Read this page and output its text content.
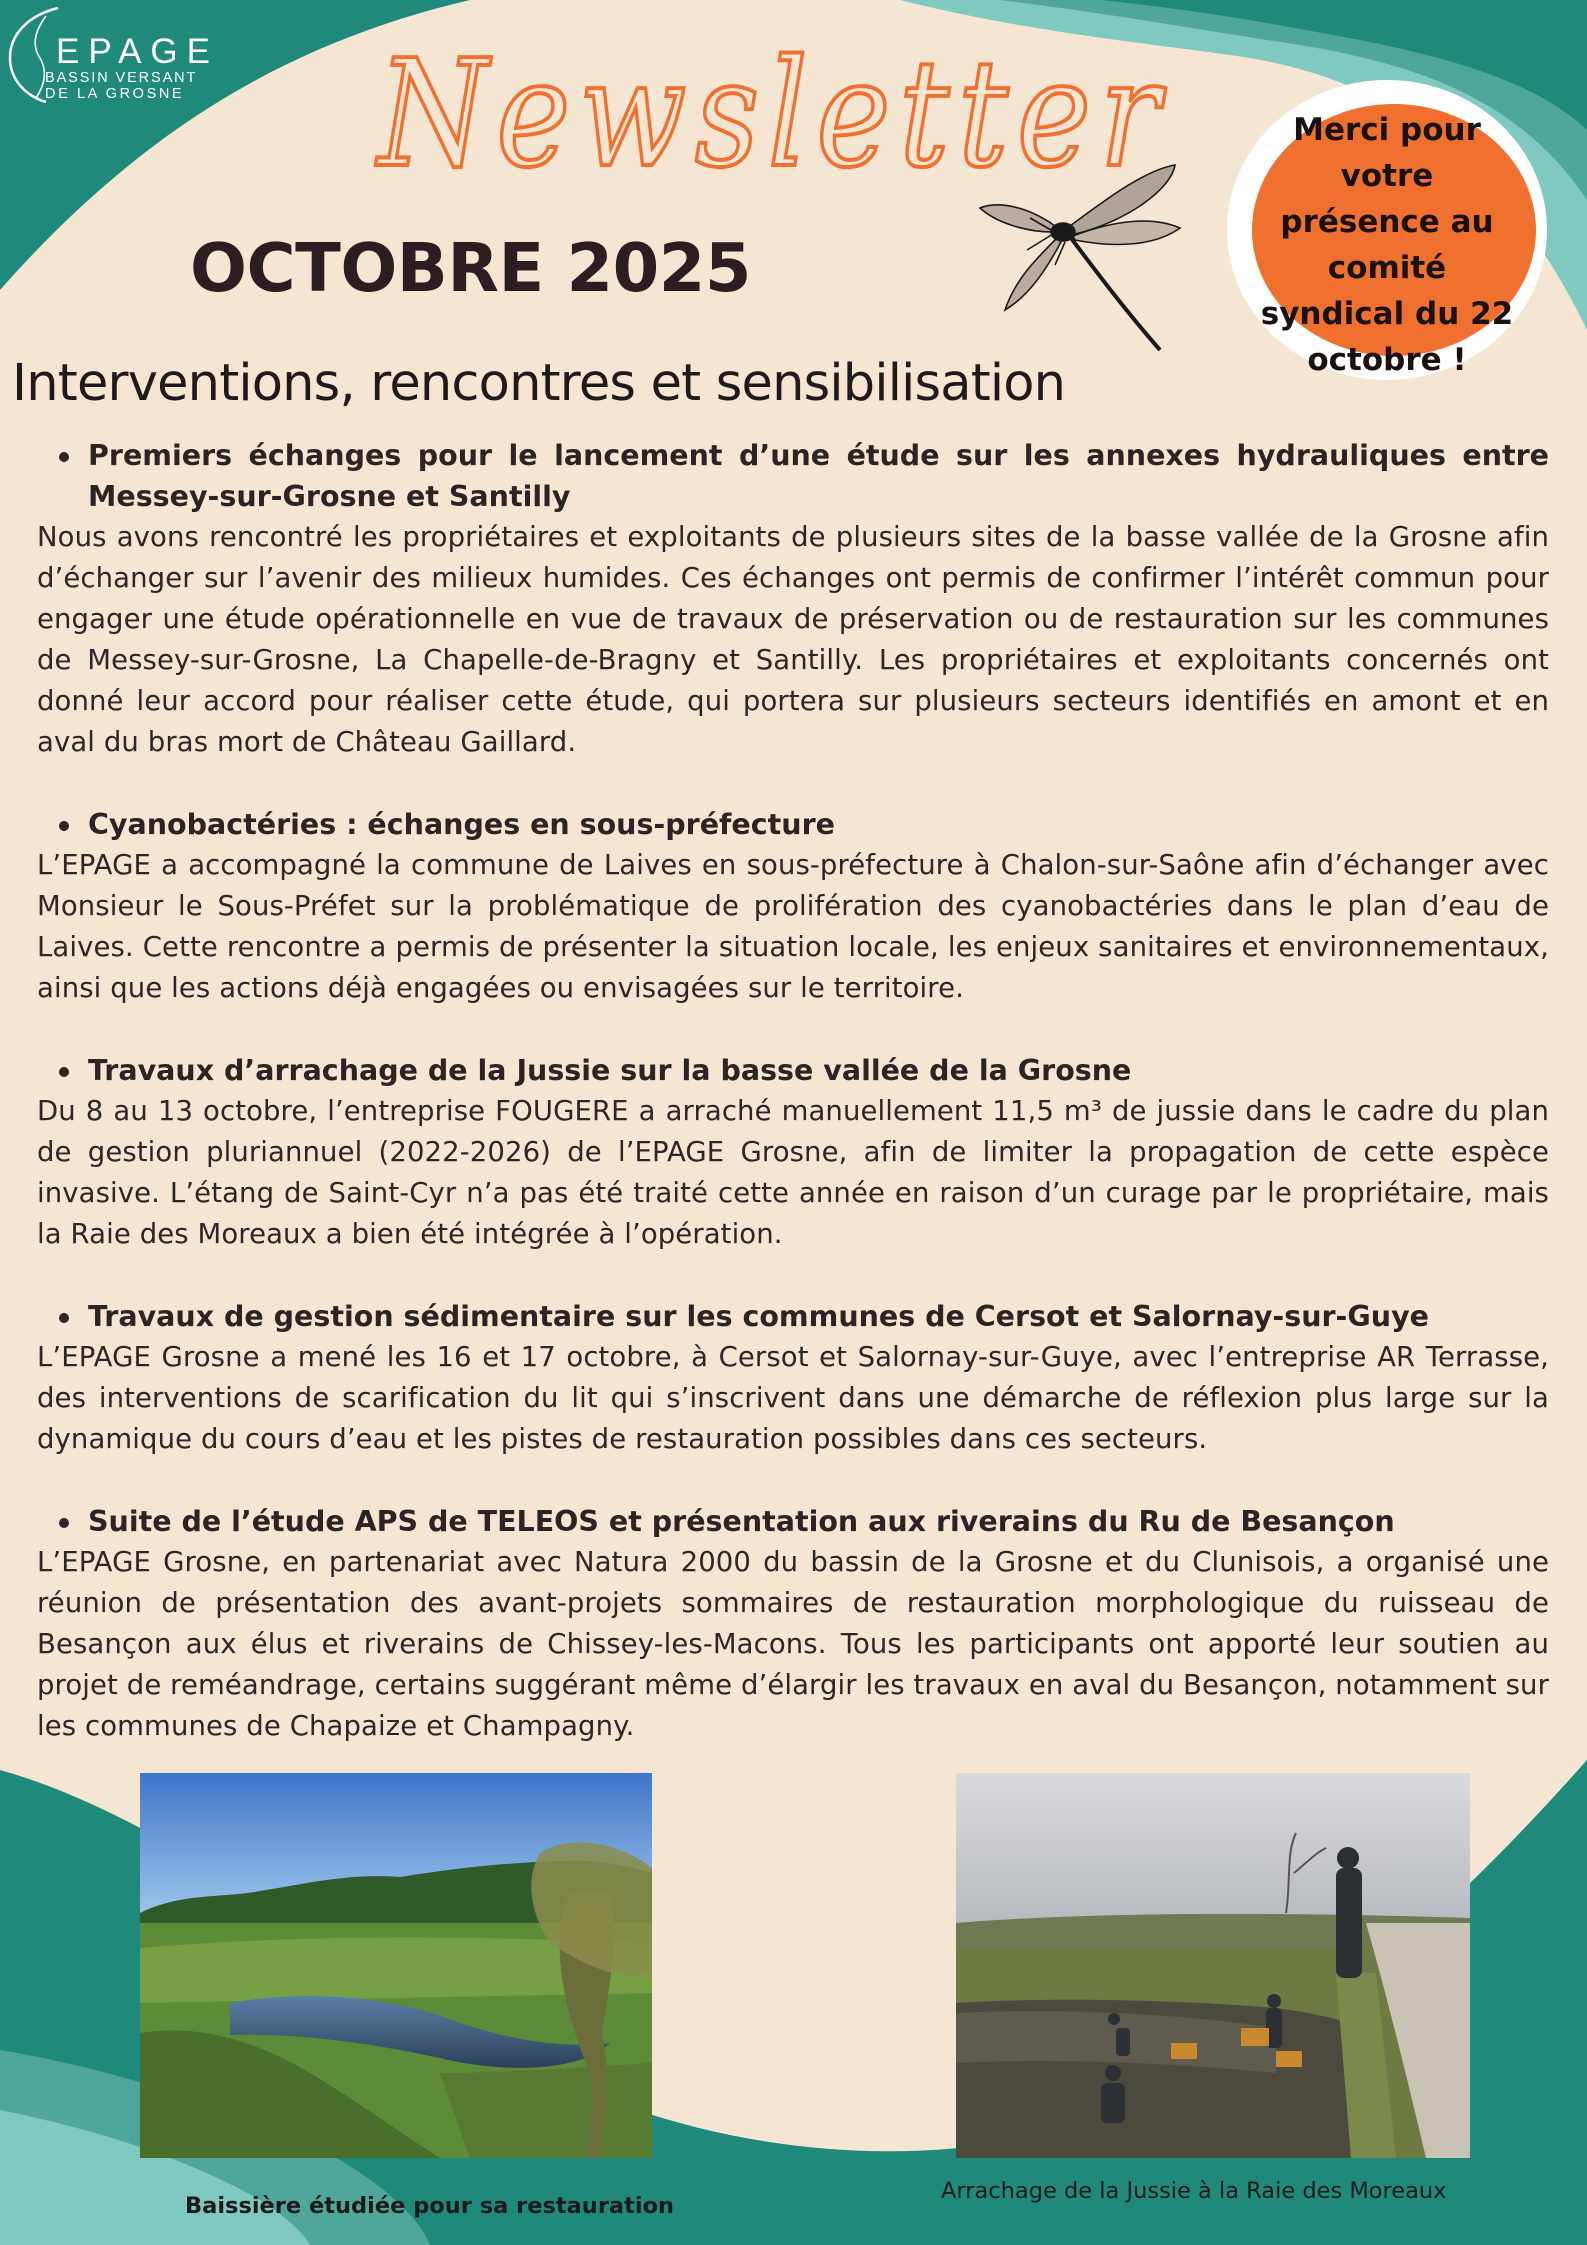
EPAGE
BASSIN VERSANT
DE LA GROSNE Newsletter
OCTOBRE 2025
Merci pour votre présence au comité syndical du 22 octobre !
Interventions, rencontres et sensibilisation
Premiers échanges pour le lancement d’une étude sur les annexes hydrauliques entre Messey-sur-Grosne et Santilly

Nous avons rencontré les propriétaires et exploitants de plusieurs sites de la basse vallée de la Grosne afin d’échanger sur l’avenir des milieux humides. Ces échanges ont permis de confirmer l’intérêt commun pour engager une étude opérationnelle en vue de travaux de préservation ou de restauration sur les communes de Messey-sur-Grosne, La Chapelle-de-Bragny et Santilly. Les propriétaires et exploitants concernés ont donné leur accord pour réaliser cette étude, qui portera sur plusieurs secteurs identifiés en amont et en aval du bras mort de Château Gaillard.

Cyanobactéries : échanges en sous-préfecture

L’EPAGE a accompagné la commune de Laives en sous-préfecture à Chalon-sur-Saône afin d’échanger avec Monsieur le Sous-Préfet sur la problématique de prolifération des cyanobactéries dans le plan d’eau de Laives. Cette rencontre a permis de présenter la situation locale, les enjeux sanitaires et environnementaux, ainsi que les actions déjà engagées ou envisagées sur le territoire.

Travaux d’arrachage de la Jussie sur la basse vallée de la Grosne

Du 8 au 13 octobre, l’entreprise FOUGERE a arraché manuellement 11,5 m³ de jussie dans le cadre du plan de gestion pluriannuel (2022-2026) de l’EPAGE Grosne, afin de limiter la propagation de cette espèce invasive. L’étang de Saint-Cyr n’a pas été traité cette année en raison d’un curage par le propriétaire, mais la Raie des Moreaux a bien été intégrée à l’opération.

Travaux de gestion sédimentaire sur les communes de Cersot et Salornay-sur-Guye

L’EPAGE Grosne a mené les 16 et 17 octobre, à Cersot et Salornay-sur-Guye, avec l’entreprise AR Terrasse, des interventions de scarification du lit qui s’inscrivent dans une démarche de réflexion plus large sur la dynamique du cours d’eau et les pistes de restauration possibles dans ces secteurs.

Suite de l’étude APS de TELEOS et présentation aux riverains du Ru de Besançon

L’EPAGE Grosne, en partenariat avec Natura 2000 du bassin de la Grosne et du Clunisois, a organisé une réunion de présentation des avant-projets sommaires de restauration morphologique du ruisseau de Besançon aux élus et riverains de Chissey-les-Macons. Tous les participants ont apporté leur soutien au projet de reméandrage, certains suggérant même d’élargir les travaux en aval du Besançon, notamment sur les communes de Chapaize et Champagny.

Baissière étudiée pour sa restauration
Arrachage de la Jussie à la Raie des Moreaux
